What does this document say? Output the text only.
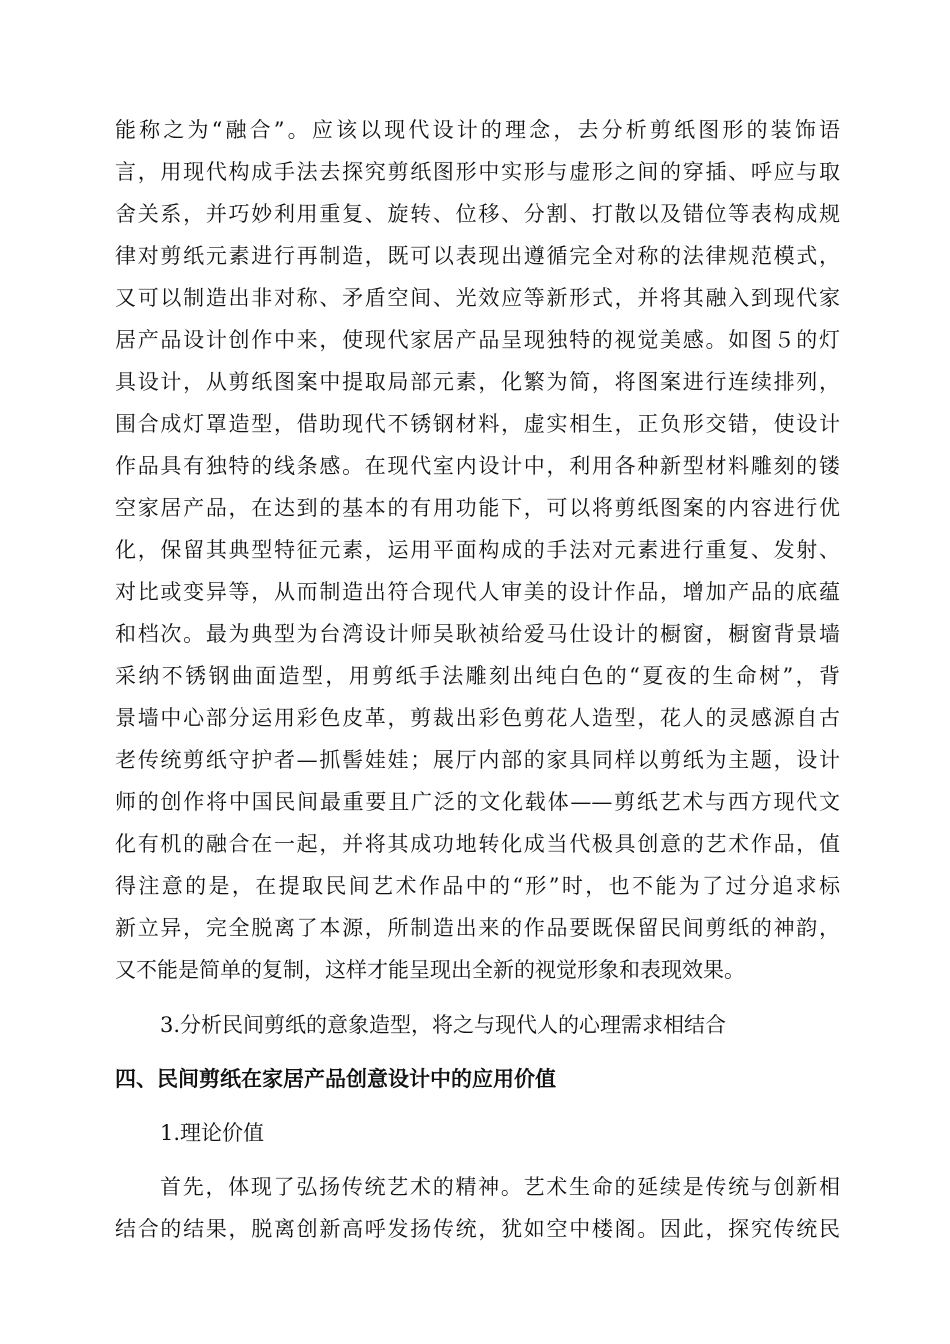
能称之为“融合”。应该以现代设计的理念，去分析剪纸图形的装饰语
言，用现代构成手法去探究剪纸图形中实形与虚形之间的穿插、呼应与取
舍关系，并巧妙利用重复、旋转、位移、分割、打散以及错位等表构成规
律对剪纸元素进行再制造，既可以表现出遵循完全对称的法律规范模式，
又可以制造出非对称、矛盾空间、光效应等新形式，并将其融入到现代家
居产品设计创作中来，使现代家居产品呈现独特的视觉美感。如图５的灯
具设计，从剪纸图案中提取局部元素，化繁为简，将图案进行连续排列，
围合成灯罩造型，借助现代不锈钢材料，虚实相生，正负形交错，使设计
作品具有独特的线条感。在现代室内设计中，利用各种新型材料雕刻的镂
空家居产品，在达到的基本的有用功能下，可以将剪纸图案的内容进行优
化，保留其典型特征元素，运用平面构成的手法对元素进行重复、发射、
对比或变异等，从而制造出符合现代人审美的设计作品，增加产品的底蕴
和档次。最为典型为台湾设计师吴耿祯给爱马仕设计的橱窗，橱窗背景墙
采纳不锈钢曲面造型，用剪纸手法雕刻出纯白色的“夏夜的生命树”，背
景墙中心部分运用彩色皮革，剪裁出彩色剪花人造型，花人的灵感源自古
老传统剪纸守护者—抓髻娃娃；展厅内部的家具同样以剪纸为主题，设计
师的创作将中国民间最重要且广泛的文化载体——剪纸艺术与西方现代文
化有机的融合在一起，并将其成功地转化成当代极具创意的艺术作品，值
得注意的是，在提取民间艺术作品中的“形”时，也不能为了过分追求标
新立异，完全脱离了本源，所制造出来的作品要既保留民间剪纸的神韵，
又不能是简单的复制，这样才能呈现出全新的视觉形象和表现效果。
3.分析民间剪纸的意象造型，将之与现代人的心理需求相结合
四、民间剪纸在家居产品创意设计中的应用价值
1.理论价值
首先，体现了弘扬传统艺术的精神。艺术生命的延续是传统与创新相
结合的结果，脱离创新高呼发扬传统，犹如空中楼阁。因此，探究传统民
